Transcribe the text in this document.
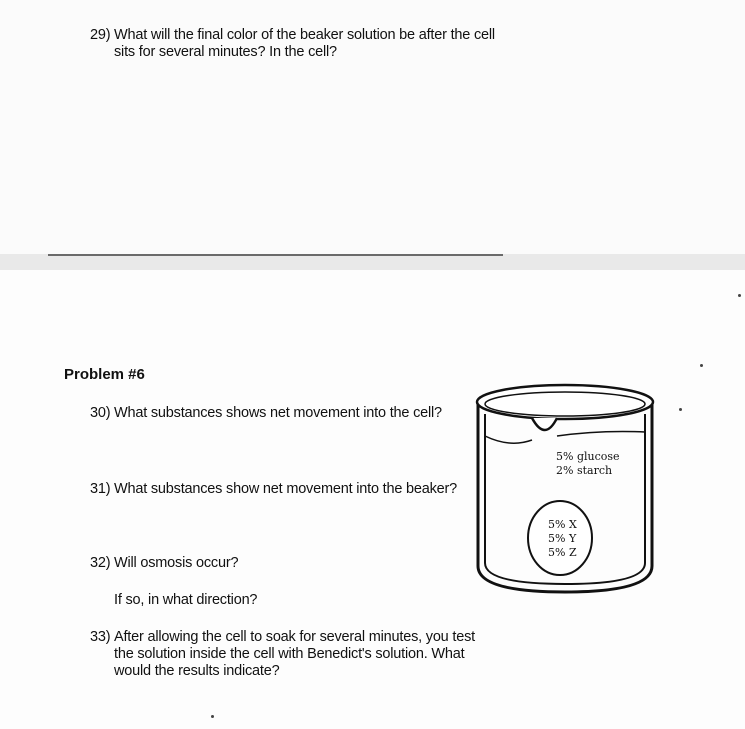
29) What will the final color of the beaker solution be after the cell
sits for several minutes? In the cell?
Problem #6
30) What substances shows net movement into the cell?
31) What substances show net movement into the beaker?
32) Will osmosis occur?
If so, in what direction?
33) After allowing the cell to soak for several minutes, you test
the solution inside the cell with Benedict's solution. What
would the results indicate?
5% glucose
2% starch
5% X
5% Y
5% Z
